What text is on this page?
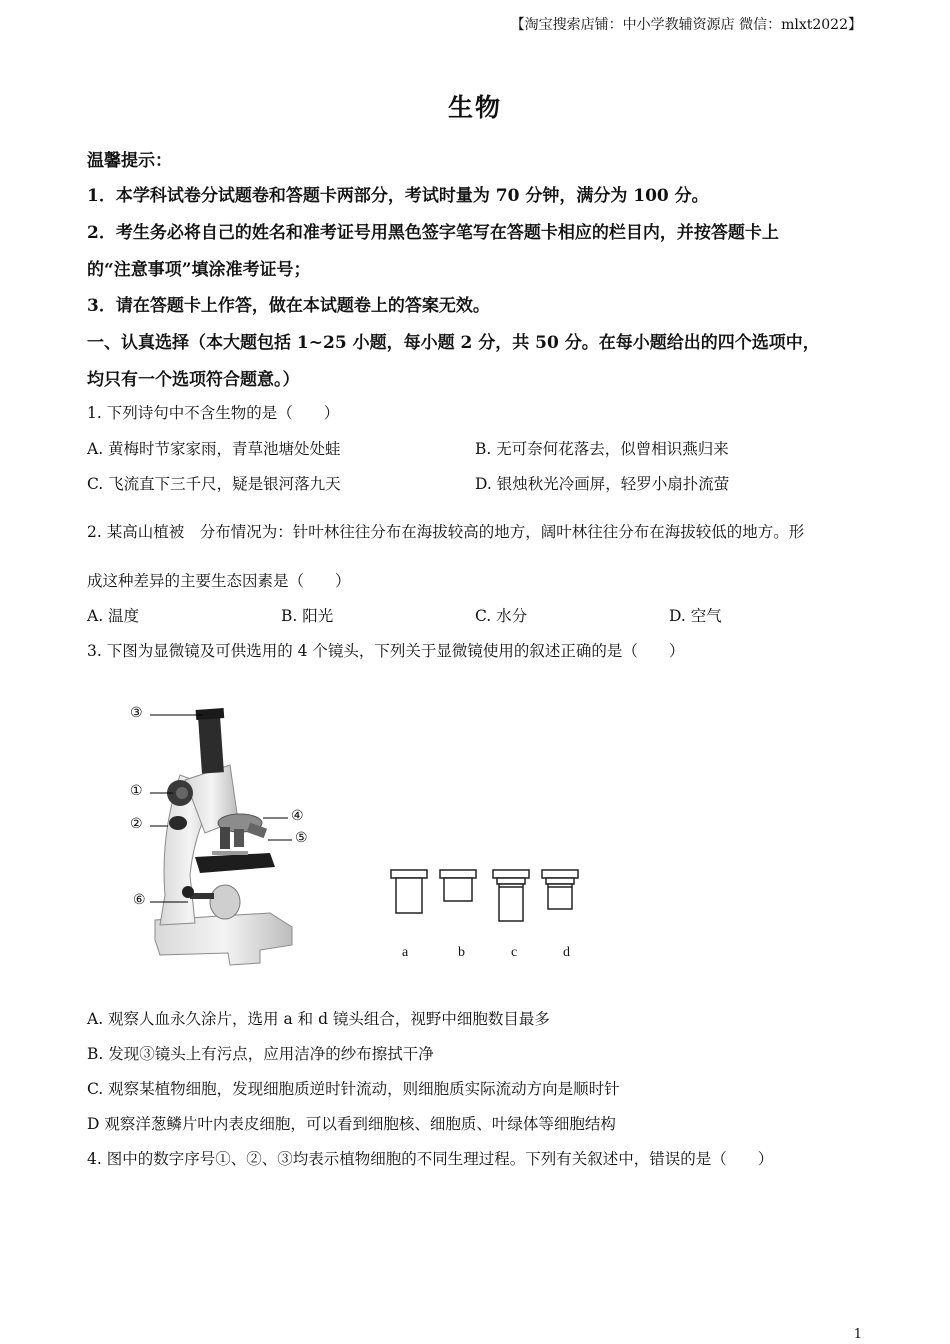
【淘宝搜索店铺：中小学教辅资源店 微信：mlxt2022】
生物
温馨提示：
1．本学科试卷分试题卷和答题卡两部分，考试时量为 70 分钟，满分为 100 分。
2．考生务必将自己的姓名和准考证号用黑色签字笔写在答题卡相应的栏目内，并按答题卡上
的“注意事项”填涂准考证号；
3．请在答题卡上作答，做在本试题卷上的答案无效。
一、认真选择（本大题包括 1~25 小题，每小题 2 分，共 50 分。在每小题给出的四个选项中，
均只有一个选项符合题意。）
1. 下列诗句中不含生物的是（　　）
A. 黄梅时节家家雨，青草池塘处处蛙	B. 无可奈何花落去，似曾相识燕归来
C. 飞流直下三千尺，疑是银河落九天	D. 银烛秋光冷画屏，轻罗小扇扑流萤
2. 某高山植被　分布情况为：针叶林往往分布在海拔较高的地方，阔叶林往往分布在海拔较低的地方。形
成这种差异的主要生态因素是（　　）
A. 温度	B. 阳光	C. 水分	D. 空气
3. 下图为显微镜及可供选用的 4 个镜头，下列关于显微镜使用的叙述正确的是（　　）
③
①
②
④
⑤
⑥
a	b	c	d
A. 观察人血永久涂片，选用 a 和 d 镜头组合，视野中细胞数目最多
B. 发现③镜头上有污点，应用洁净的纱布擦拭干净
C. 观察某植物细胞，发现细胞质逆时针流动，则细胞质实际流动方向是顺时针
D 观察洋葱鳞片叶内表皮细胞，可以看到细胞核、细胞质、叶绿体等细胞结构
4. 图中的数字序号①、②、③均表示植物细胞的不同生理过程。下列有关叙述中，错误的是（　　）
1
